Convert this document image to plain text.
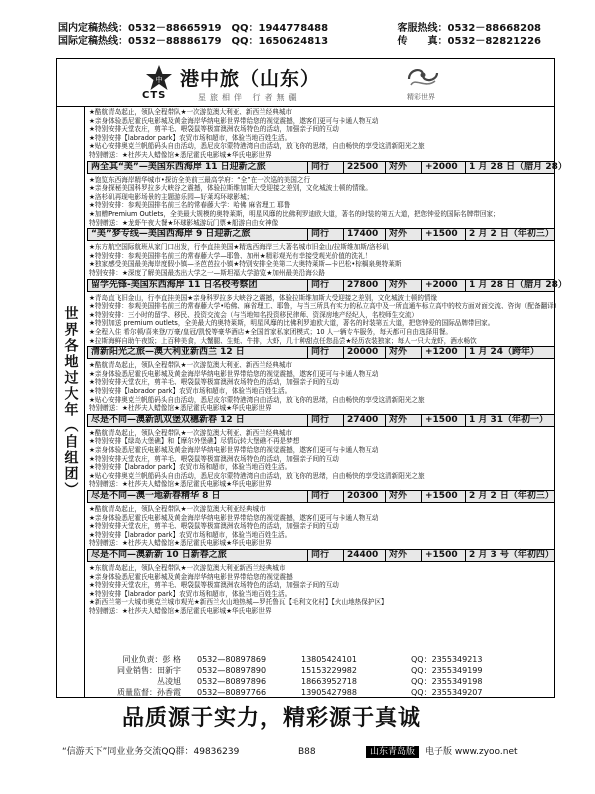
国内定稿热线：0532－88665919　QQ：1944778488	客服热线：0532－88668208
国际定稿热线：0532－88886179　QQ：1650624813	传　　真：0532－82821226
中
CTS
港中旅（山东）
星旅相伴 行者無疆	精彩世界
世界各地过大年（自组团）
★酷航青岛起止，领队全程带队★一次游览澳大利亚、新西兰经典城市
★亲身体验悉尼霍氏电影城及黄金海岸华纳电影世界带给您的视觉震撼，遨客们更可与卡通人物互动
★特别安排天堂农庄，剪羊毛、喂袋鼠等极富澳洲农场特色的活动，加强亲子间的互动
★特别安排【labrador park】农贸市场和超市，体验当地百姓生活。
★贴心安排奥克兰帆船码头自由活动，悉尼皮尔蒙特港湾自由活动，放飞你的思绪，自由畅快的享受这清新阳光之旅
特别赠送：★杜莎夫人蜡像馆★悉尼霍氏电影城★华氏电影世界
两全其“美”—美国东西海岸 11 日迎新之旅	同行	22500	对外	+2000	1 月 28 日（腊月 28）
★饱览东西海岸精华城市•探访全美前三最高学府：“全”在一次巡的美国之行
★亲身探秘美国科罗拉多大峡谷之震撼，体验拉斯维加斯大受迎接之差别，文化城波士顿的情缘。
★洛杉矶再现电影场景的主题游乐园—好莱坞环球影城；
★特别安排：参观美国排名前三名的常春藤大学：哈佛 麻省理工 耶鲁
★加赠Premium Outlets，全美最大规模的奥特莱斯，明星风靡的比佛利罗迪欧大道，著名的时装的第五大道，把您钟爱的国际名牌带回家；
特别赠送：★龙虾午夜大餐★环球影城游玩门票★船游自由女神像
“美”梦专线—美国西海岸 9 日迎新之旅	同行	17400	对外	+1500	2 月 2 日（年初三）
★东方航空国际航班从家门口出发，行李直挂美国★精选西海岸三大著名城市旧金山/拉斯维加斯/洛杉矶
★特别安排：参观美国排名前三的常春藤大学—耶鲁、加州★精彩观光有幸接受观光价值的洗礼！
★独家感受美国最美海岸度假小镇—圣芭芭拉小镇★特别安排全美第二大奥特莱斯—卡巴松•棕榈泉奥特莱斯
特别安排：★深度了解美国最杰出大学之一—斯坦福大学游览★加州最美沿海公路
留学先锋-美国东西海岸 11 日名校考察团	同行	27800	对外	+2000	1 月 28 日（腊月 28）
★青岛直飞旧金山，行李直挂美国★亲身科罗拉多大峡谷之震撼，体验拉斯维加斯大受迎接之差别，文化城波士顿的情缘
★特别安排：参观美国排名前三的常春藤大学•哈佛、麻省理工、耶鲁，与当三所具有实力的私立高中及一所直通车标立高中的校方面对面交流、咨询（配备翻译）
★特别安排：三小时的留学、移民、投资交流会（与当地知名投资移民律师、资深房地产经纪人，名校师生交流）
★特别加送 premium outlets，全美最大的奥特莱斯，明星风靡的比佛利罗迪欧大道，著名的时装第五大道，把您钟爱的国际品牌带回家。
★全程入住 希尔顿/喜来登/万豪/皇冠/凯悦等豪华酒店★全国首家私家团模式；10 人一辆专车服务，每天都可自由选择用餐。
★拉斯海鲜自助午夜饭；上百种美食，大蟹腿、生蚝、牛排，大虾，几十种甜点任您品尝★经历农装独家；每人一只大龙虾，酒水畅饮
清新阳光之旅—澳大利亚新西兰 12 日	同行	20000	对外	+1200	1 月 24（跨年）
★酷航青岛起止，领队全程带队★一次游览澳大利亚、新西兰经典城市
★亲身体验悉尼霍氏电影城及黄金海岸华纳电影世界带给您的视觉震撼，遨客们更可与卡通人物互动
★特别安排天堂农庄，剪羊毛、喂袋鼠等极富澳洲农场特色的活动，加强亲子间的互动
★特别安排【labrador park】农贸市场和超市，体验当地百姓生活。
★贴心安排奥克兰帆船码头自由活动，悉尼皮尔蒙特港湾自由活动，放飞你的思绪，自由畅快的享受这清新阳光之旅
特别赠送：★杜莎夫人蜡像馆★悉尼霍氏电影城★华氏电影世界
尽是不同—澳新凯双堡双穗新春 12 日	同行	27400	对外	+1500	1 月 31（年初一）
★酷航青岛起止，领队全程带队★一次游览澳大利亚、新西兰经典城市
★特别安排【绿岛大堡礁】和【摩尔外堡礁】尽情玩转大堡礁不再是梦想
★亲身体验悉尼霍氏电影城及黄金海岸华纳电影世界带给您的视觉震撼，遨客们更可与卡通人物互动
★特别安排天堂农庄，剪羊毛、喂袋鼠等极富澳洲农场特色的活动，加强亲子间的互动
★特别安排【labrador park】农贸市场和超市，体验当地百姓生活。
★贴心安排奥克兰帆船码头自由活动，悉尼皮尔蒙特港湾自由活动，放飞你的思绪，自由畅快的享受这清新阳光之旅
特别赠送：★杜莎夫人蜡像馆★悉尼霍氏电影城★华氏电影世界
尽是不同—澳一地新春精华 8 日	同行	20300	对外	+1500	2 月 2 日（年初三）
★酷航青岛起止，领队全程带队★一次游览澳大利亚经典城市
★亲身体验悉尼霍氏电影城及黄金海岸华纳电影世界带给您的视觉震撼，遨客们更可与卡通人物互动
★特别安排天堂农庄，剪羊毛、喂袋鼠等极富澳洲农场特色的活动，加强亲子间的互动
★特别安排【labrador park】农贸市场和超市，体验当地百姓生活。
特别赠送：★杜莎夫人蜡像馆★悉尼霍氏电影城★华氏电影世界
尽是不同—澳新新 10 日新春之旅	同行	24400	对外	+1500	2 月 3 号（年初四）
★东航青岛起止，领队全程带队★一次游览澳大利亚新西兰经典城市
★亲身体验悉尼霍氏电影城及黄金海岸华纳电影世界带给您的视觉震撼
★特别安排天堂农庄，剪羊毛、喂袋鼠等极富澳洲农场特色的活动，加强亲子间的互动
★特别安排【labrador park】农贸市场和超市，体验当地百姓生活。
★新西兰第一大城市奥克兰城市观光★新西兰火山地热城—罗托鲁瓦【毛利文化村】【火山地热保护区】
特别赠送：★杜莎夫人蜡像馆★悉尼霍氏电影城★华氏电影世界
同业负责：彭 格	0532—80897869	13805424101	QQ：2355349213
同业销售：田新宇	0532—80897890	15153229982	QQ：2355349199
丛凌旭	0532—80897896	18663952718	QQ：2355349198
质量监督：孙香霞	0532—80897766	13905427988	QQ：2355349207
品质源于实力，精彩源于真诚
“信游天下”同业业务交流QQ群：49836239	B88	山东青岛版	电子版 www.zyoo.net
